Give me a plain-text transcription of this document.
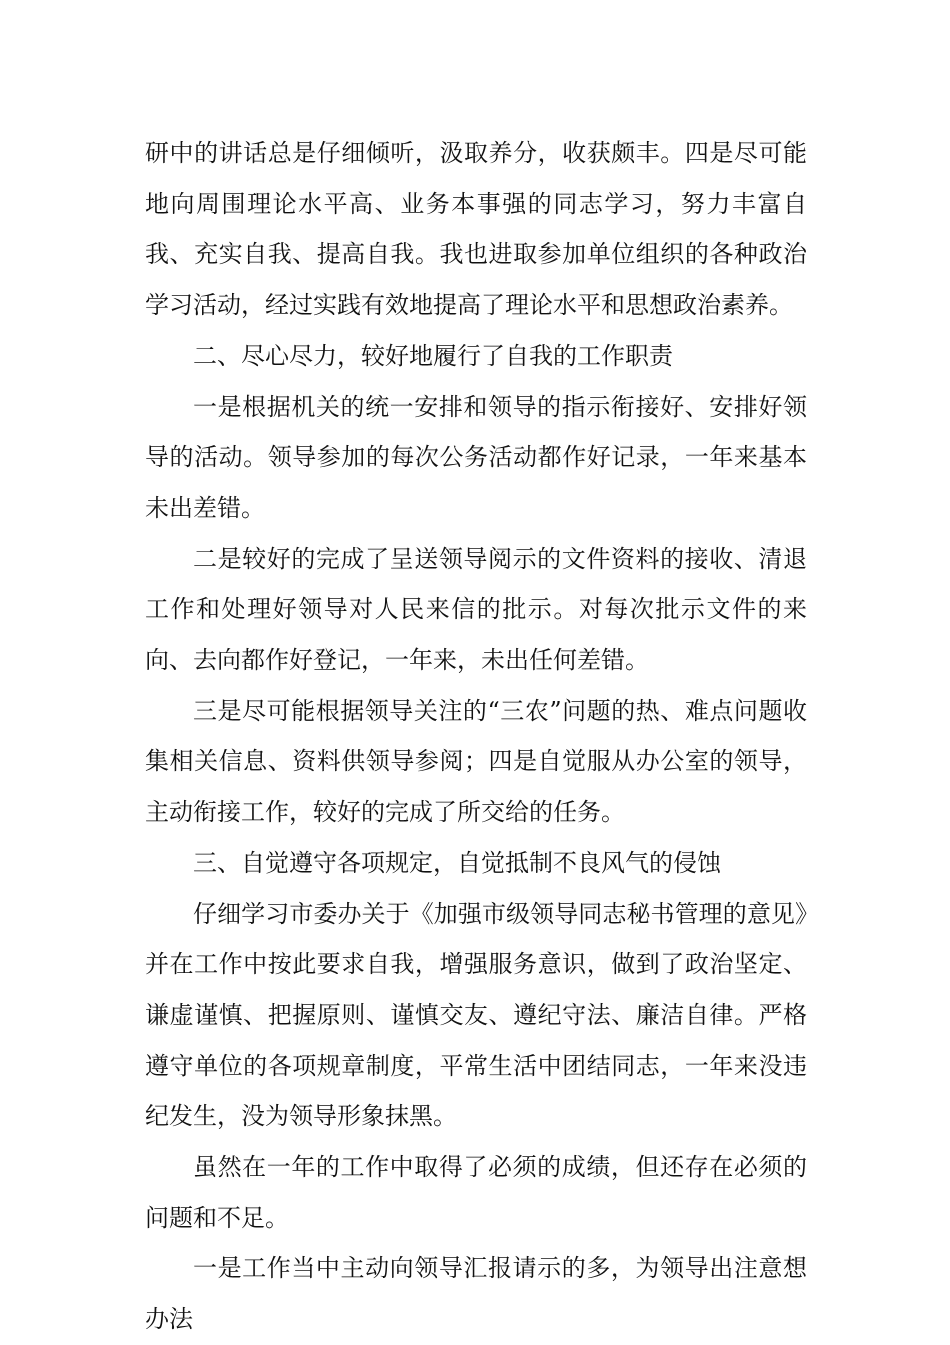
研中的讲话总是仔细倾听，汲取养分，收获颇丰。四是尽可能地向周围理论水平高、业务本事强的同志学习，努力丰富自我、充实自我、提高自我。我也进取参加单位组织的各种政治学习活动，经过实践有效地提高了理论水平和思想政治素养。

二、尽心尽力，较好地履行了自我的工作职责

一是根据机关的统一安排和领导的指示衔接好、安排好领导的活动。领导参加的每次公务活动都作好记录，一年来基本未出差错。

二是较好的完成了呈送领导阅示的文件资料的接收、清退工作和处理好领导对人民来信的批示。对每次批示文件的来向、去向都作好登记，一年来，未出任何差错。

三是尽可能根据领导关注的“三农”问题的热、难点问题收集相关信息、资料供领导参阅；四是自觉服从办公室的领导，主动衔接工作，较好的完成了所交给的任务。

三、自觉遵守各项规定，自觉抵制不良风气的侵蚀

仔细学习市委办关于《加强市级领导同志秘书管理的意见》并在工作中按此要求自我，增强服务意识，做到了政治坚定、谦虚谨慎、把握原则、谨慎交友、遵纪守法、廉洁自律。严格遵守单位的各项规章制度，平常生活中团结同志，一年来没违纪发生，没为领导形象抹黑。

虽然在一年的工作中取得了必须的成绩，但还存在必须的问题和不足。

一是工作当中主动向领导汇报请示的多，为领导出注意想办法
